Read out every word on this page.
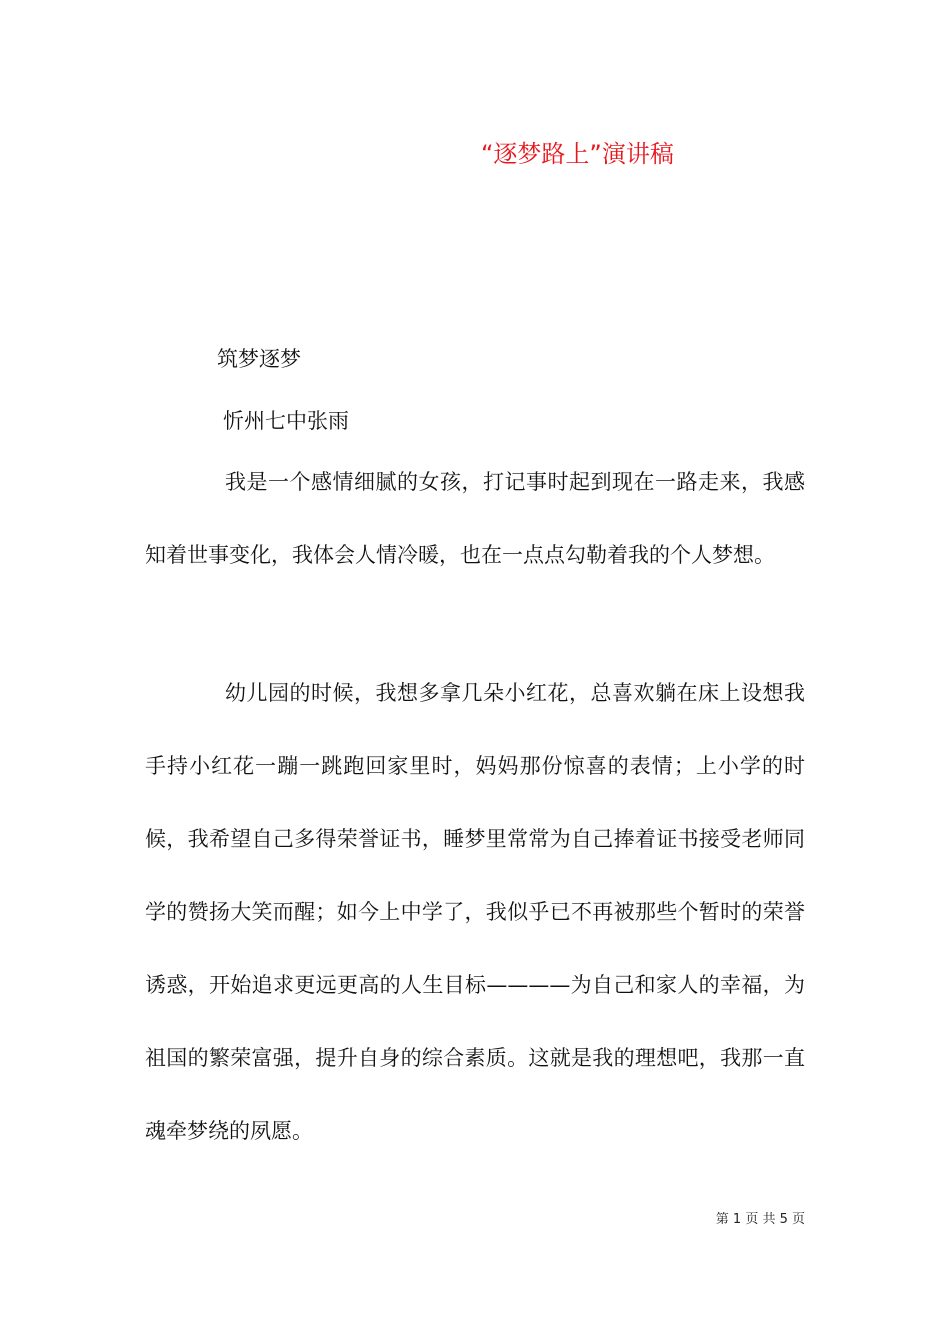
“逐梦路上”演讲稿
筑梦逐梦
忻州七中张雨

我是一个感情细腻的女孩，打记事时起到现在一路走来，我感知着世事变化，我体会人情冷暖，也在一点点勾勒着我的个人梦想。

幼儿园的时候，我想多拿几朵小红花，总喜欢躺在床上设想我手持小红花一蹦一跳跑回家里时，妈妈那份惊喜的表情；上小学的时候，我希望自己多得荣誉证书，睡梦里常常为自己捧着证书接受老师同学的赞扬大笑而醒；如今上中学了，我似乎已不再被那些个暂时的荣誉诱惑，开始追求更远更高的人生目标————为自己和家人的幸福，为祖国的繁荣富强，提升自身的综合素质。这就是我的理想吧，我那一直魂牵梦绕的夙愿。

第 1 页 共 5 页
